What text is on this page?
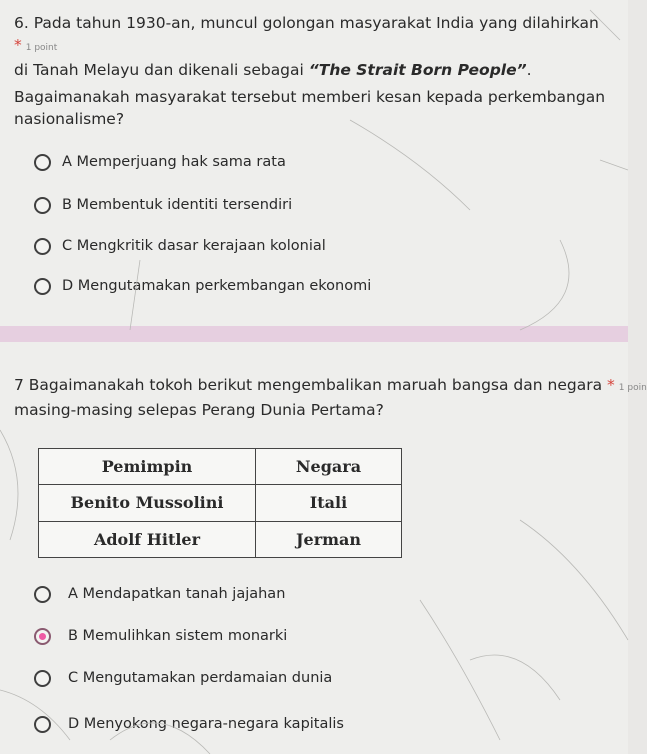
6. Pada tahun 1930-an, muncul golongan masyarakat India yang dilahirkan * 1 point
di Tanah Melayu dan dikenali sebagai “The Strait Born People”.
Bagaimanakah masyarakat tersebut memberi kesan kepada perkembangan
nasionalisme?
A Memperjuang hak sama rata
B Membentuk identiti tersendiri
C Mengkritik dasar kerajaan kolonial
D Mengutamakan perkembangan ekonomi
7 Bagaimanakah tokoh berikut mengembalikan maruah bangsa dan negara * 1 poin
masing-masing selepas Perang Dunia Pertama?
Pemimpin	Negara
Benito Mussolini	Itali
Adolf Hitler	Jerman
A Mendapatkan tanah jajahan
B Memulihkan sistem monarki
C Mengutamakan perdamaian dunia
D Menyokong negara-negara kapitalis
